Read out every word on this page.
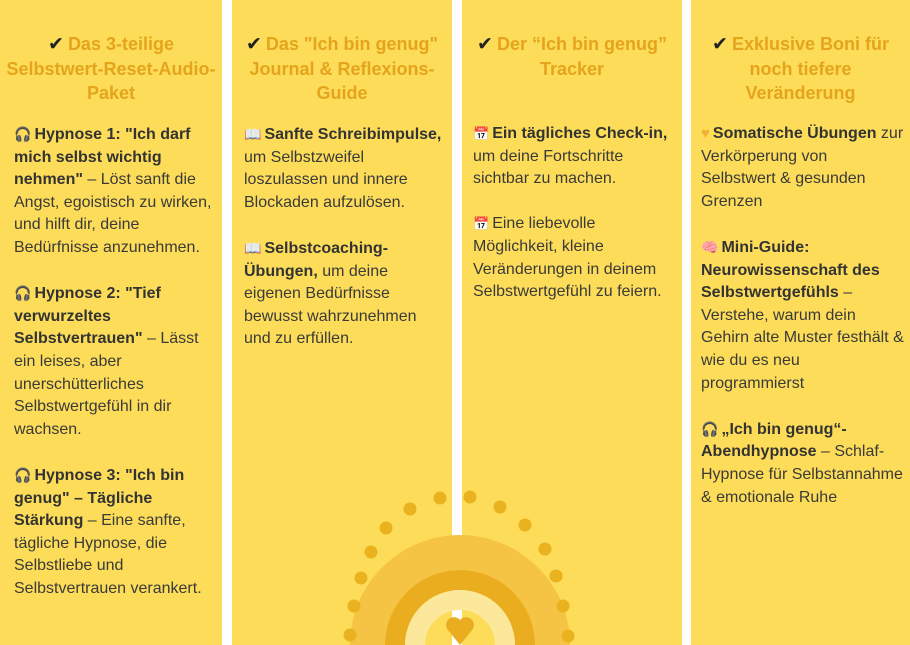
✔ Das 3-teilige Selbstwert-Reset-Audio-Paket

🎧 Hypnose 1: "Ich darf mich selbst wichtig nehmen" – Löst sanft die Angst, egoistisch zu wirken, und hilft dir, deine Bedürfnisse anzunehmen.

🎧 Hypnose 2: "Tief verwurzeltes Selbstvertrauen" – Lässt ein leises, aber unerschütterliches Selbstwertgefühl in dir wachsen.

🎧 Hypnose 3: "Ich bin genug" – Tägliche Stärkung – Eine sanfte, tägliche Hypnose, die Selbstliebe und Selbstvertrauen verankert.

✔ Das "Ich bin genug" Journal & Reflexions-Guide

📖 Sanfte Schreibimpulse, um Selbstzweifel loszulassen und innere Blockaden aufzulösen.

📖 Selbstcoaching-Übungen, um deine eigenen Bedürfnisse bewusst wahrzunehmen und zu erfüllen.

✔ Der “Ich bin genug” Tracker

📅 Ein tägliches Check-in, um deine Fortschritte sichtbar zu machen.

📅 Eine liebevolle Möglichkeit, kleine Veränderungen in deinem Selbstwertgefühl zu feiern.

✔ Exklusive Boni für noch tiefere Veränderung

♥ Somatische Übungen zur Verkörperung von Selbstwert & gesunden Grenzen

🧠 Mini-Guide: Neurowissenschaft des Selbstwertgefühls – Verstehe, warum dein Gehirn alte Muster festhält & wie du es neu programmierst

🎧 „Ich bin genug“-Abendhypnose – Schlaf-Hypnose für Selbstannahme & emotionale Ruhe
